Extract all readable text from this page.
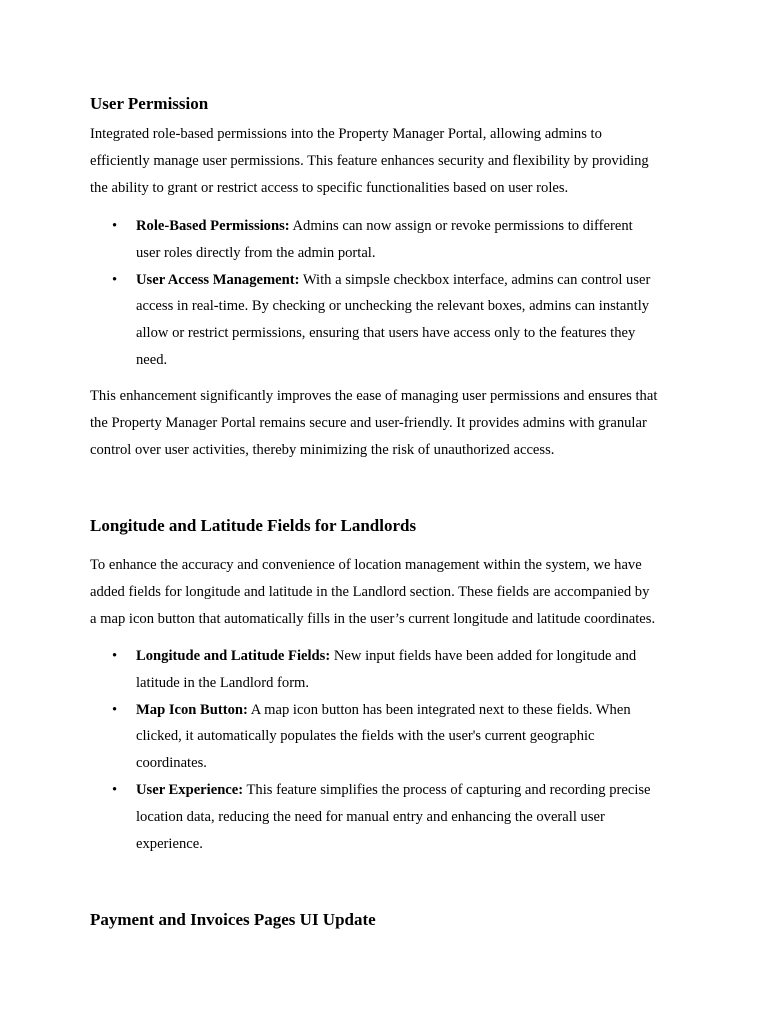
User Permission

Integrated role-based permissions into the Property Manager Portal, allowing admins to
efficiently manage user permissions. This feature enhances security and flexibility by providing
the ability to grant or restrict access to specific functionalities based on user roles.

• Role-Based Permissions: Admins can now assign or revoke permissions to different
user roles directly from the admin portal.
• User Access Management: With a simpsle checkbox interface, admins can control user
access in real-time. By checking or unchecking the relevant boxes, admins can instantly
allow or restrict permissions, ensuring that users have access only to the features they
need.

This enhancement significantly improves the ease of managing user permissions and ensures that
the Property Manager Portal remains secure and user-friendly. It provides admins with granular
control over user activities, thereby minimizing the risk of unauthorized access.

Longitude and Latitude Fields for Landlords

To enhance the accuracy and convenience of location management within the system, we have
added fields for longitude and latitude in the Landlord section. These fields are accompanied by
a map icon button that automatically fills in the user’s current longitude and latitude coordinates.

• Longitude and Latitude Fields: New input fields have been added for longitude and
latitude in the Landlord form.
• Map Icon Button: A map icon button has been integrated next to these fields. When
clicked, it automatically populates the fields with the user's current geographic
coordinates.
• User Experience: This feature simplifies the process of capturing and recording precise
location data, reducing the need for manual entry and enhancing the overall user
experience.
Payment and Invoices Pages UI Update
